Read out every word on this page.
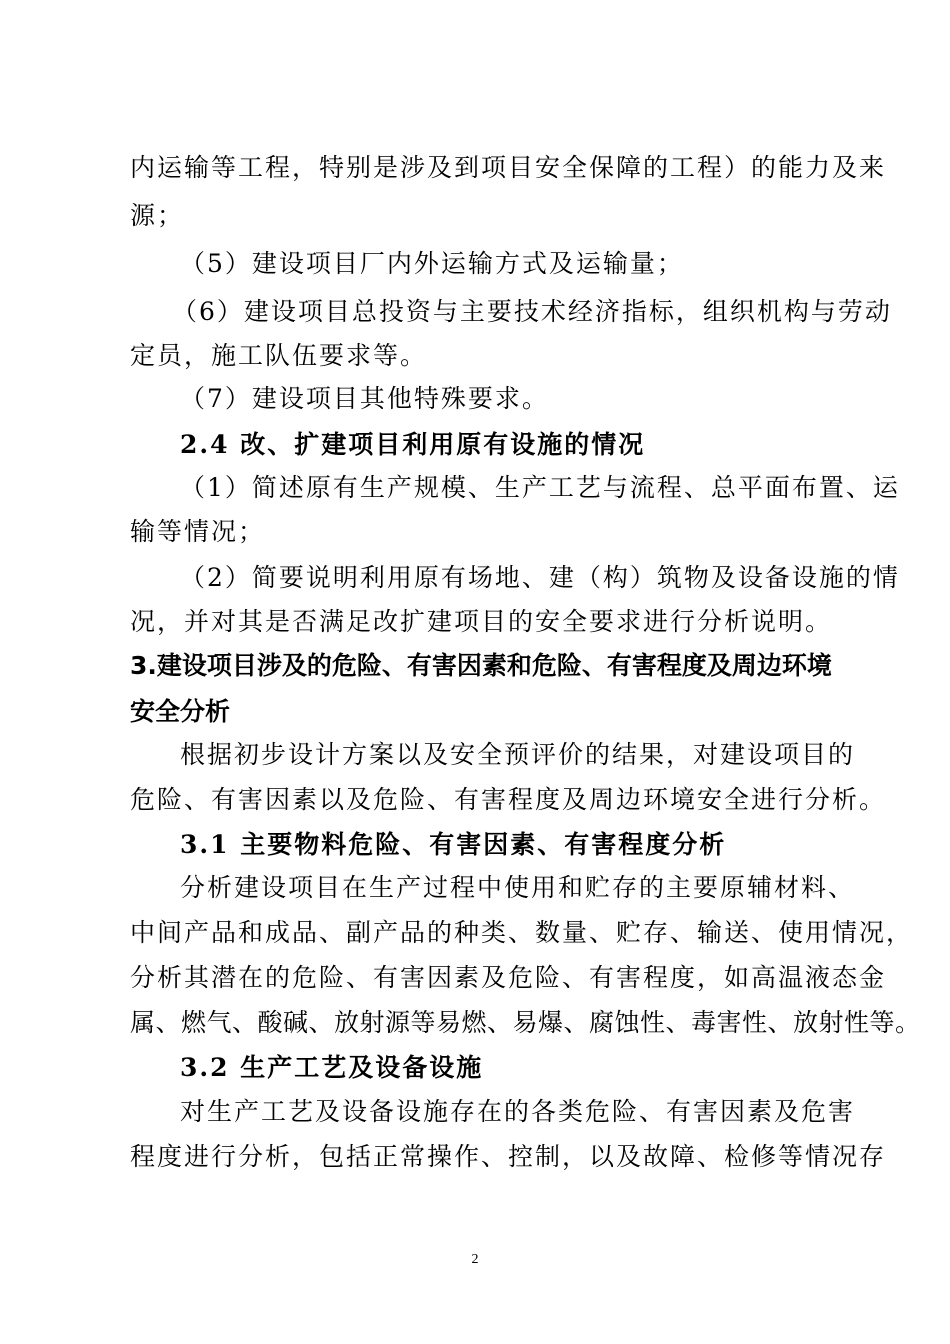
内运输等工程，特别是涉及到项目安全保障的工程）的能力及来
源；
（5）建设项目厂内外运输方式及运输量；
（6）建设项目总投资与主要技术经济指标，组织机构与劳动
定员，施工队伍要求等。
（7）建设项目其他特殊要求。
2.4 改、扩建项目利用原有设施的情况
（1）简述原有生产规模、生产工艺与流程、总平面布置、运
输等情况；
（2）简要说明利用原有场地、建（构）筑物及设备设施的情
况，并对其是否满足改扩建项目的安全要求进行分析说明。
3.建设项目涉及的危险、有害因素和危险、有害程度及周边环境
安全分析
根据初步设计方案以及安全预评价的结果，对建设项目的
危险、有害因素以及危险、有害程度及周边环境安全进行分析。
3.1 主要物料危险、有害因素、有害程度分析
分析建设项目在生产过程中使用和贮存的主要原辅材料、
中间产品和成品、副产品的种类、数量、贮存、输送、使用情况，
分析其潜在的危险、有害因素及危险、有害程度，如高温液态金
属、燃气、酸碱、放射源等易燃、易爆、腐蚀性、毒害性、放射性等。
3.2 生产工艺及设备设施
对生产工艺及设备设施存在的各类危险、有害因素及危害
程度进行分析，包括正常操作、控制，以及故障、检修等情况存
2
